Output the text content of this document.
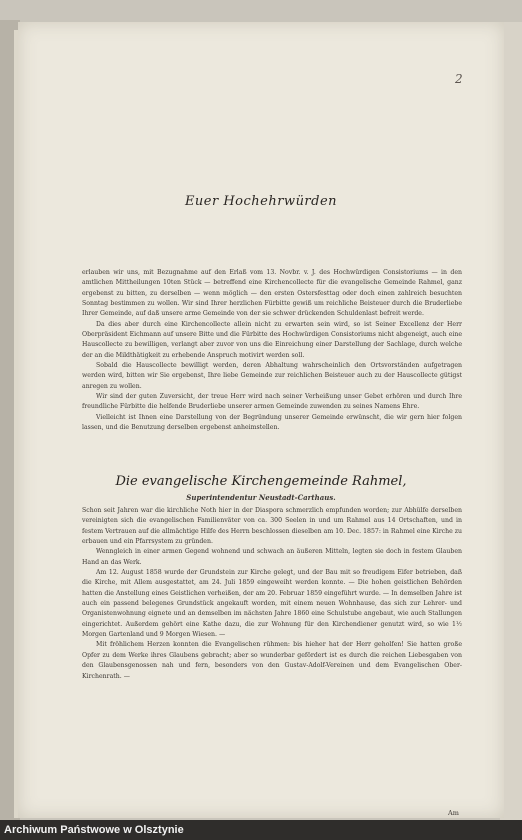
2
Euer Hochehrwürden

erlauben wir uns, mit Bezugnahme auf den Erlaß vom 13. Novbr. v. J. des Hochwürdigen Consistoriums — in den amtlichen Mittheilungen 10ten Stück — betreffend eine Kirchencollecte für die evangelische Gemeinde Rahmel, ganz ergebenst zu bitten, zu derselben — wenn möglich — den ersten Ostersfesttag oder doch einen zahlreich besuchten Sonntag bestimmen zu wollen. Wir sind Ihrer herzlichen Fürbitte gewiß um reichliche Beisteuer durch die Bruderliebe Ihrer Gemeinde, auf daß unsere arme Gemeinde von der sie schwer drückenden Schuldenlast befreit werde.

Da dies aber durch eine Kirchencollecte allein nicht zu erwarten sein wird, so ist Seiner Excellenz der Herr Oberpräsident Eichmann auf unsere Bitte und die Fürbitte des Hochwürdigen Consistoriums nicht abgeneigt, auch eine Hauscollecte zu bewilligen, verlangt aber zuvor von uns die Einreichung einer Darstellung der Sachlage, durch welche der an die Mildthätigkeit zu erhebende Anspruch motivirt werden soll.

Sobald die Hauscollecte bewilligt werden, deren Abhaltung wahrscheinlich den Ortsvorständen aufgetragen werden wird, bitten wir Sie ergebenst, Ihre liebe Gemeinde zur reichlichen Beisteuer auch zu der Hauscollecte gütigst anregen zu wollen.

Wir sind der guten Zuversicht, der treue Herr wird nach seiner Verheißung unser Gebet erhören und durch Ihre freundliche Fürbitte die helfende Bruderliebe unserer armen Gemeinde zuwenden zu seines Namens Ehre.

Vielleicht ist Ihnen eine Darstellung von der Begründung unserer Gemeinde erwünscht, die wir gern hier folgen lassen, und die Benutzung derselben ergebenst anheimstellen.

Die evangelische Kirchengemeinde Rahmel,
Superintendentur Neustadt-Carthaus.

Schon seit Jahren war die kirchliche Noth hier in der Diaspora schmerzlich empfunden worden; zur Abhülfe derselben vereinigten sich die evangelischen Familienväter von ca. 300 Seelen in und um Rahmel aus 14 Ortschaften, und in festem Vertrauen auf die allmächtige Hilfe des Herrn beschlossen dieselben am 10. Dec. 1857: in Rahmel eine Kirche zu erbauen und ein Pfarrsystem zu gründen.

Wenngleich in einer armen Gegend wohnend und schwach an äußeren Mitteln, legten sie doch in festem Glauben Hand an das Werk.

Am 12. August 1858 wurde der Grundstein zur Kirche gelegt, und der Bau mit so freudigem Eifer betrieben, daß die Kirche, mit Allem ausgestattet, am 24. Juli 1859 eingeweiht werden konnte. — Die hohen geistlichen Behörden hatten die Anstellung eines Geistlichen verheißen, der am 20. Februar 1859 eingeführt wurde. — In demselben Jahre ist auch ein passend belegenes Grundstück angekauft worden, mit einem neuen Wohnhause, das sich zur Lehrer- und Organistenwohnung eignete und an demselben im nächsten Jahre 1860 eine Schulstube angebaut, wie auch Stallungen eingerichtet. Außerdem gehört eine Kathe dazu, die zur Wohnung für den Kirchendiener genutzt wird, so wie 1½ Morgen Gartenland und 9 Morgen Wiesen. —

Mit fröhlichem Herzen konnten die Evangelischen rühmen: bis hieher hat der Herr geholfen! Sie hatten große Opfer zu dem Werke ihres Glaubens gebracht; aber so wunderbar gefördert ist es durch die reichen Liebesgaben von den Glaubensgenossen nah und fern, besonders von den Gustav-Adolf-Vereinen und dem Evangelischen Ober-Kirchenrath. —

Am
Archiwum Państwowe w Olsztynie
